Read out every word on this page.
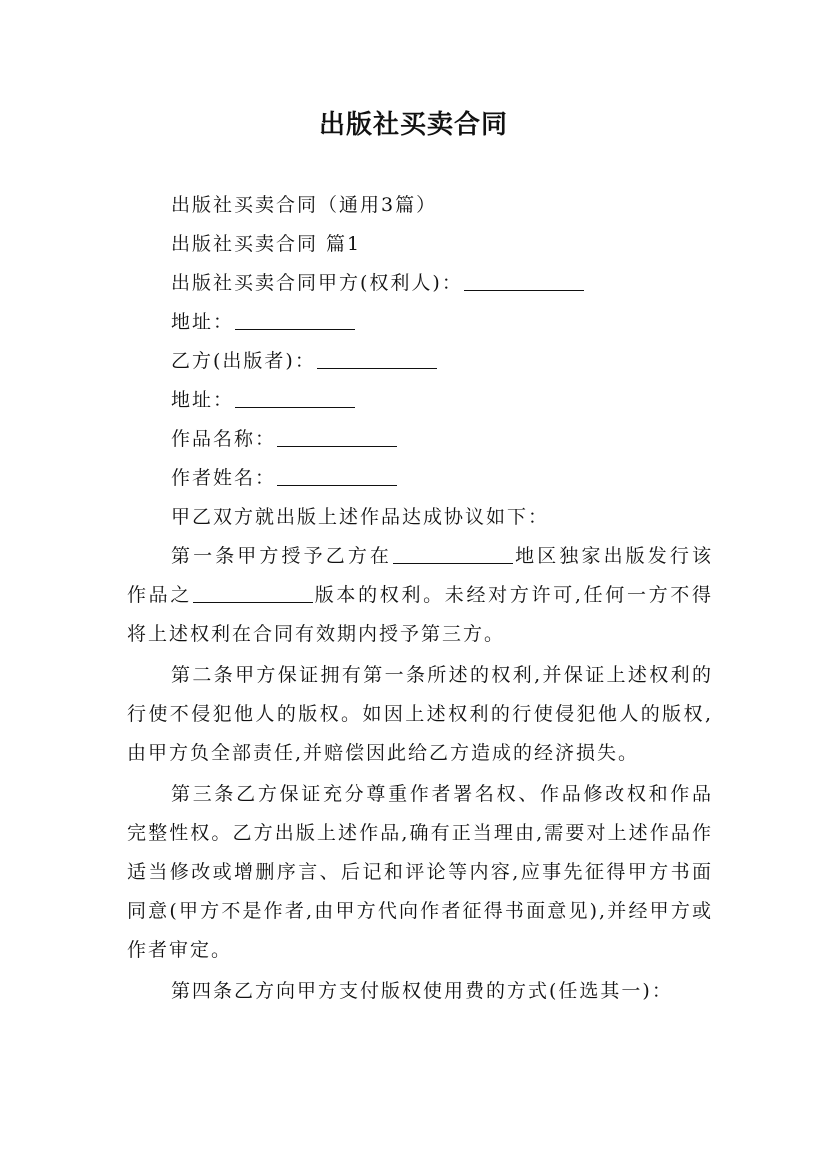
出版社买卖合同
出版社买卖合同（通用3篇）
出版社买卖合同 篇1
出版社买卖合同甲方(权利人)：
地址：
乙方(出版者)：
地址：
作品名称：
作者姓名：
甲乙双方就出版上述作品达成协议如下：

第一条甲方授予乙方在	地区独家出版发行该作品之	版本的权利。未经对方许可,任何一方不得将上述权利在合同有效期内授予第三方。

第二条甲方保证拥有第一条所述的权利,并保证上述权利的行使不侵犯他人的版权。如因上述权利的行使侵犯他人的版权,由甲方负全部责任,并赔偿因此给乙方造成的经济损失。

第三条乙方保证充分尊重作者署名权、作品修改权和作品完整性权。乙方出版上述作品,确有正当理由,需要对上述作品作适当修改或增删序言、后记和评论等内容,应事先征得甲方书面同意(甲方不是作者,由甲方代向作者征得书面意见),并经甲方或作者审定。

第四条乙方向甲方支付版权使用费的方式(任选其一)：
